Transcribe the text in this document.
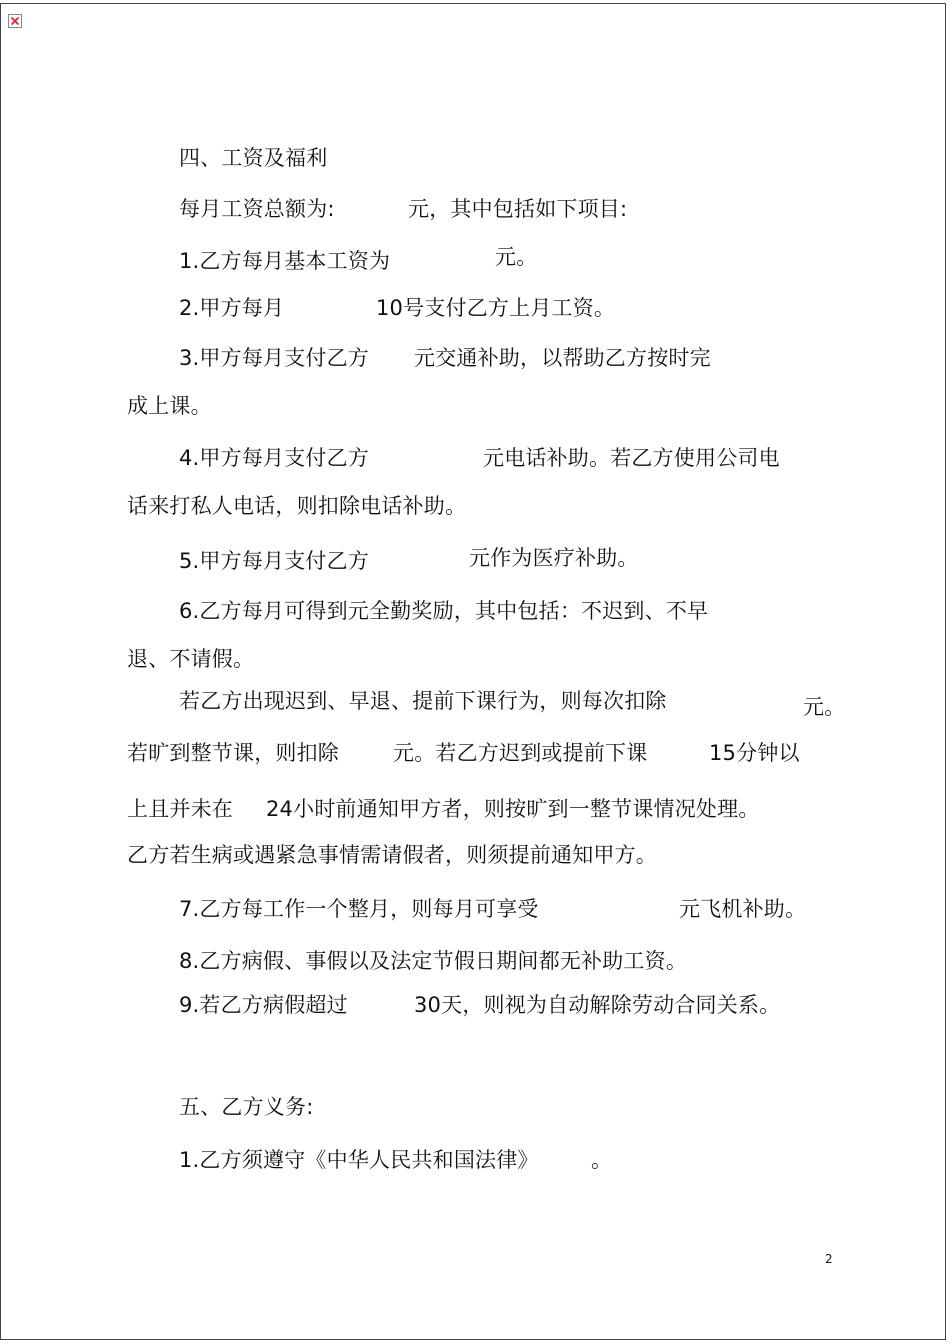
四、工资及福利
每月工资总额为:	元，其中包括如下项目:
1.乙方每月基本工资为	元。
2.甲方每月	10号支付乙方上月工资。
3.甲方每月支付乙方 元交通补助，以帮助乙方按时完
成上课。
4.甲方每月支付乙方	元电话补助。若乙方使用公司电
话来打私人电话，则扣除电话补助。
5.甲方每月支付乙方	元作为医疗补助。
6.乙方每月可得到元全勤奖励，其中包括：不迟到、不早
退、不请假。
若乙方出现迟到、早退、提前下课行为，则每次扣除	元。
若旷到整节课，则扣除	元。若乙方迟到或提前下课	15分钟以
上且并未在 24小时前通知甲方者，则按旷到一整节课情况处理。
乙方若生病或遇紧急事情需请假者，则须提前通知甲方。
7.乙方每工作一个整月，则每月可享受	元飞机补助。
8.乙方病假、事假以及法定节假日期间都无补助工资。
9.若乙方病假超过	30天，则视为自动解除劳动合同关系。
五、乙方义务:
1.乙方须遵守《中华人民共和国法律》 。
2
